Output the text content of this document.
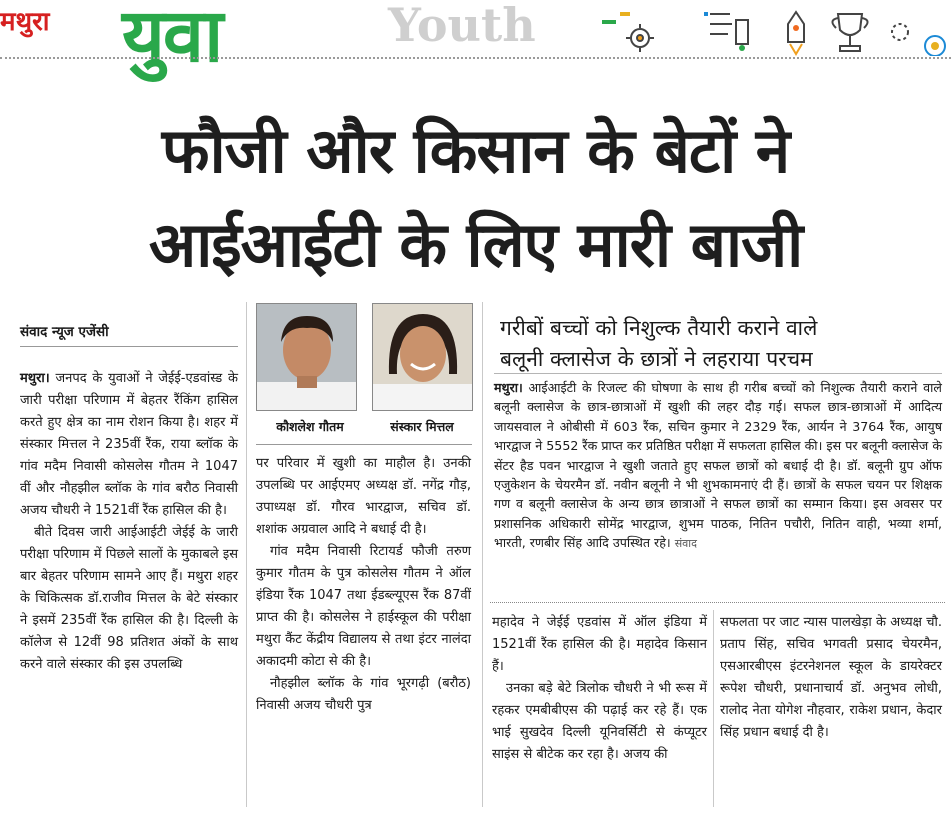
मथुरा युवा	Youth
फौजी और किसान के बेटों ने
आईआईटी के लिए मारी बाजी
संवाद न्यूज एजेंसी

मथुरा। जनपद के युवाओं ने जेईई-एडवांस्ड के जारी परीक्षा परिणाम में बेहतर रैंकिंग हासिल करते हुए क्षेत्र का नाम रोशन किया है। शहर में संस्कार मित्तल ने 235वीं रैंक, राया ब्लॉक के गांव मदैम निवासी कोसलेस गौतम ने 1047 वीं और नौहझील ब्लॉक के गांव बरौठ निवासी अजय चौधरी ने 1521वीं रैंक हासिल की है।

बीते दिवस जारी आईआईटी जेईई के जारी परीक्षा परिणाम में पिछले सालों के मुकाबले इस बार बेहतर परिणाम सामने आए हैं। मथुरा शहर के चिकित्सक डॉ.राजीव मित्तल के बेटे संस्कार ने इसमें 235वीं रैंक हासिल की है। दिल्ली के कॉलेज से 12वीं 98 प्रतिशत अंकों के साथ करने वाले संस्कार की इस उपलब्धि

कौशलेश गौतम	संस्कार मित्तल

पर परिवार में खुशी का माहौल है। उनकी उपलब्धि पर आईएमए अध्यक्ष डॉ. नगेंद्र गौड़, उपाध्यक्ष डॉ. गौरव भारद्वाज, सचिव डॉ. शशांक अग्रवाल आदि ने बधाई दी है।

गांव मदैम निवासी रिटायर्ड फौजी तरुण कुमार गौतम के पुत्र कोसलेस गौतम ने ऑल इंडिया रैंक 1047 तथा ईडब्ल्यूएस रैंक 87वीं प्राप्त की है। कोसलेस ने हाईस्कूल की परीक्षा मथुरा कैंट केंद्रीय विद्यालय से तथा इंटर नालंदा अकादमी कोटा से की है।

नौहझील ब्लॉक के गांव भूरगढ़ी (बरौठ) निवासी अजय चौधरी पुत्र

गरीबों बच्चों को निशुल्क तैयारी कराने वाले
बलूनी क्लासेज के छात्रों ने लहराया परचम

मथुरा। आईआईटी के रिजल्ट की घोषणा के साथ ही गरीब बच्चों को निशुल्क तैयारी कराने वाले बलूनी क्लासेज के छात्र-छात्राओं में खुशी की लहर दौड़ गई। सफल छात्र-छात्राओं में आदित्य जायसवाल ने ओबीसी में 603 रैंक, सचिन कुमार ने 2329 रैंक, आर्यन ने 3764 रैंक, आयुष भारद्वाज ने 5552 रैंक प्राप्त कर प्रतिष्ठित परीक्षा में सफलता हासिल की। इस पर बलूनी क्लासेज के सेंटर हैड पवन भारद्वाज ने खुशी जताते हुए सफल छात्रों को बधाई दी है। डॉ. बलूनी ग्रुप ऑफ एजुकेशन के चेयरमैन डॉ. नवीन बलूनी ने भी शुभकामनाएं दी हैं। छात्रों के सफल चयन पर शिक्षक गण व बलूनी क्लासेज के अन्य छात्र छात्राओं ने सफल छात्रों का सम्मान किया। इस अवसर पर प्रशासनिक अधिकारी सोमेंद्र भारद्वाज, शुभम पाठक, नितिन पचौरी, नितिन वाही, भव्या शर्मा, भारती, रणबीर सिंह आदि उपस्थित रहे। संवाद

महादेव ने जेईई एडवांस में ऑल इंडिया में 1521वीं रैंक हासिल की है। महादेव किसान हैं।

उनका बड़े बेटे त्रिलोक चौधरी ने भी रूस में रहकर एमबीबीएस की पढ़ाई कर रहे हैं। एक भाई सुखदेव दिल्ली यूनिवर्सिटी से कंप्यूटर साइंस से बीटेक कर रहा है। अजय की

सफलता पर जाट न्यास पालखेड़ा के अध्यक्ष चौ. प्रताप सिंह, सचिव भगवती प्रसाद चेयरमैन, एसआरबीएस इंटरनेशनल स्कूल के डायरेक्टर रूपेश चौधरी, प्रधानाचार्य डॉ. अनुभव लोधी, रालोद नेता योगेश नौहवार, राकेश प्रधान, केदार सिंह प्रधान बधाई दी है।
